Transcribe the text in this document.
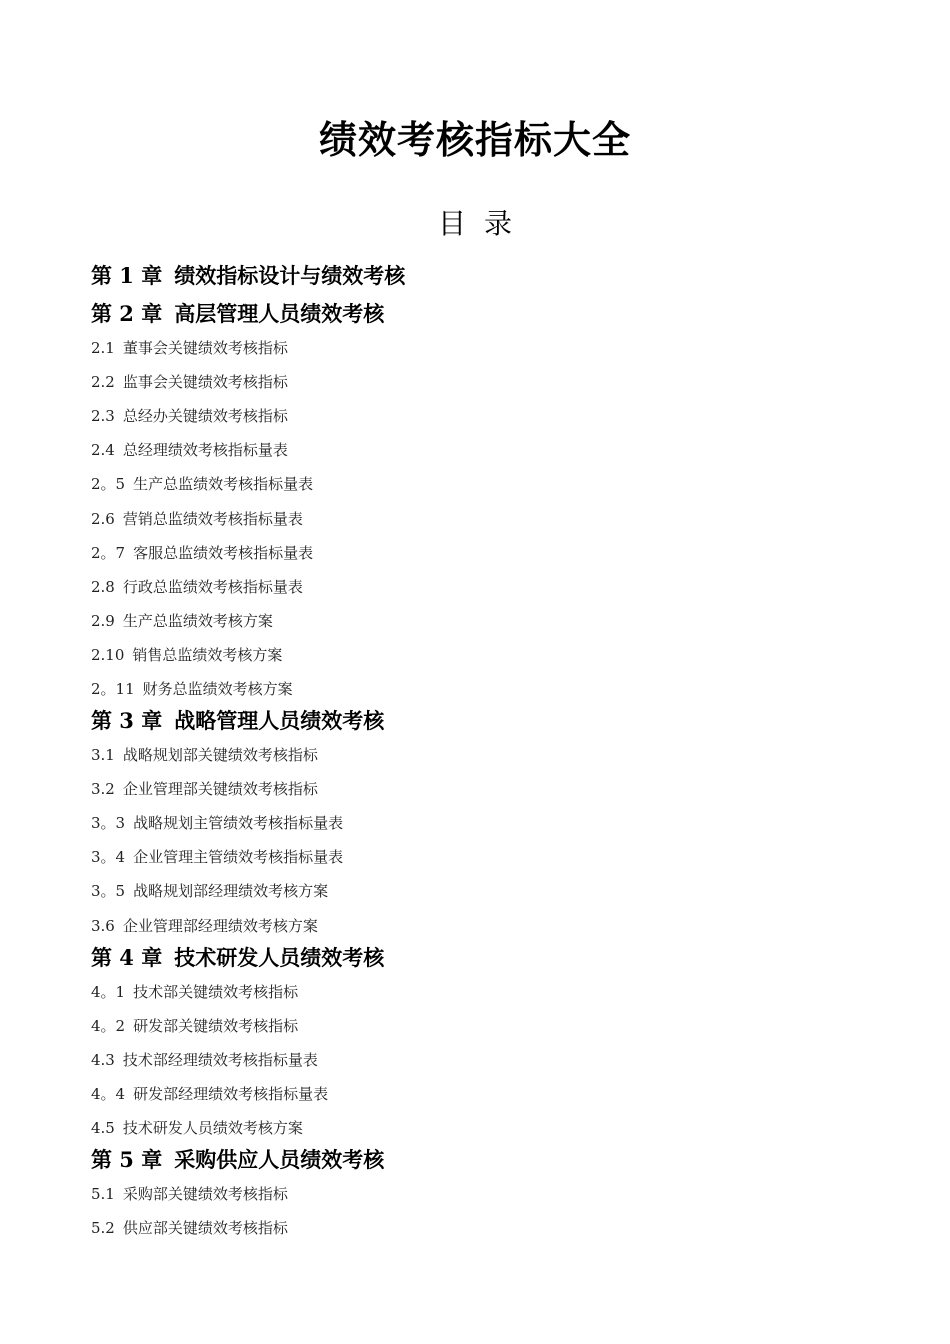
绩效考核指标大全
目 录
第 1 章 绩效指标设计与绩效考核
第 2 章 高层管理人员绩效考核
2.1 董事会关键绩效考核指标
2.2 监事会关键绩效考核指标
2.3 总经办关键绩效考核指标
2.4 总经理绩效考核指标量表
2。5 生产总监绩效考核指标量表
2.6 营销总监绩效考核指标量表
2。7 客服总监绩效考核指标量表
2.8 行政总监绩效考核指标量表
2.9 生产总监绩效考核方案
2.10 销售总监绩效考核方案
2。11 财务总监绩效考核方案
第 3 章 战略管理人员绩效考核
3.1 战略规划部关键绩效考核指标
3.2 企业管理部关键绩效考核指标
3。3 战略规划主管绩效考核指标量表
3。4 企业管理主管绩效考核指标量表
3。5 战略规划部经理绩效考核方案
3.6 企业管理部经理绩效考核方案
第 4 章 技术研发人员绩效考核
4。1 技术部关键绩效考核指标
4。2 研发部关键绩效考核指标
4.3 技术部经理绩效考核指标量表
4。4 研发部经理绩效考核指标量表
4.5 技术研发人员绩效考核方案
第 5 章 采购供应人员绩效考核
5.1 采购部关键绩效考核指标
5.2 供应部关键绩效考核指标
